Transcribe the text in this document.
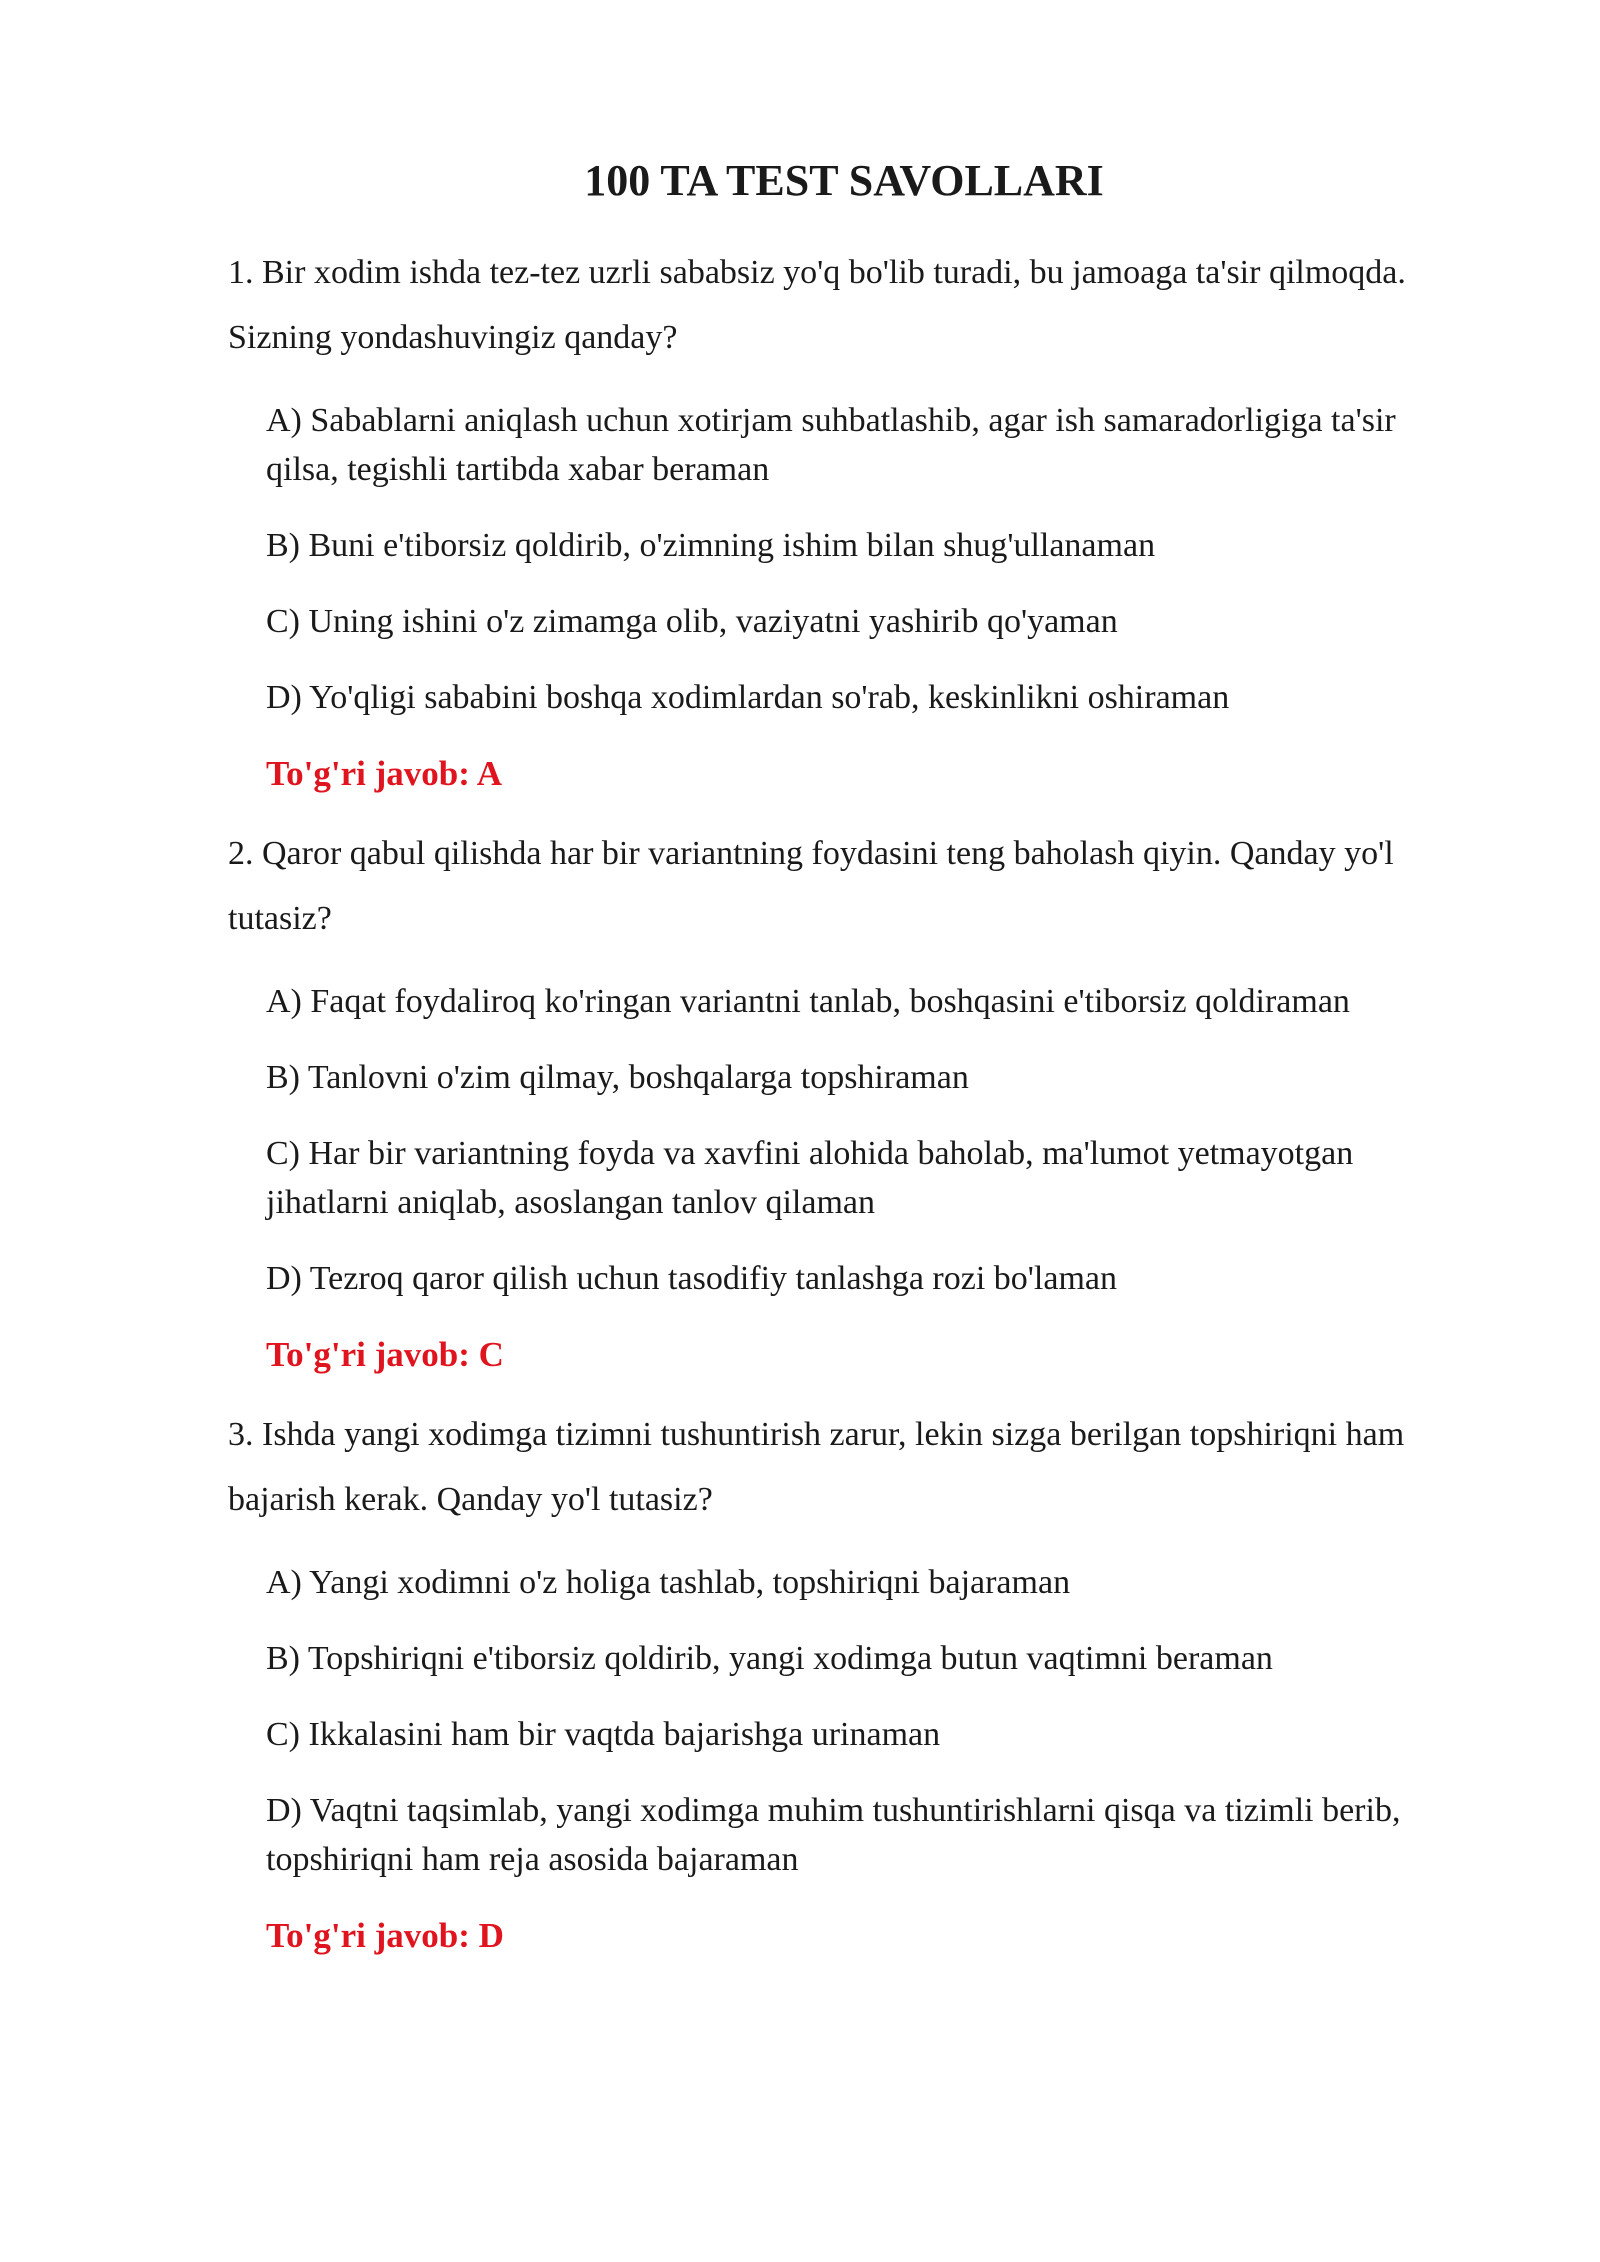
100 TA TEST SAVOLLARI

1. Bir xodim ishda tez-tez uzrli sababsiz yo'q bo'lib turadi, bu jamoaga ta'sir qilmoqda. Sizning yondashuvingiz qanday?

A) Sabablarni aniqlash uchun xotirjam suhbatlashib, agar ish samaradorligiga ta'sir qilsa, tegishli tartibda xabar beraman
B) Buni e'tiborsiz qoldirib, o'zimning ishim bilan shug'ullanaman
C) Uning ishini o'z zimamga olib, vaziyatni yashirib qo'yaman
D) Yo'qligi sababini boshqa xodimlardan so'rab, keskinlikni oshiraman

To'g'ri javob: A

2. Qaror qabul qilishda har bir variantning foydasini teng baholash qiyin. Qanday yo'l tutasiz?

A) Faqat foydaliroq ko'ringan variantni tanlab, boshqasini e'tiborsiz qoldiraman
B) Tanlovni o'zim qilmay, boshqalarga topshiraman
C) Har bir variantning foyda va xavfini alohida baholab, ma'lumot yetmayotgan jihatlarni aniqlab, asoslangan tanlov qilaman
D) Tezroq qaror qilish uchun tasodifiy tanlashga rozi bo'laman

To'g'ri javob: C

3. Ishda yangi xodimga tizimni tushuntirish zarur, lekin sizga berilgan topshiriqni ham bajarish kerak. Qanday yo'l tutasiz?

A) Yangi xodimni o'z holiga tashlab, topshiriqni bajaraman
B) Topshiriqni e'tiborsiz qoldirib, yangi xodimga butun vaqtimni beraman
C) Ikkalasini ham bir vaqtda bajarishga urinaman
D) Vaqtni taqsimlab, yangi xodimga muhim tushuntirishlarni qisqa va tizimli berib, topshiriqni ham reja asosida bajaraman

To'g'ri javob: D
